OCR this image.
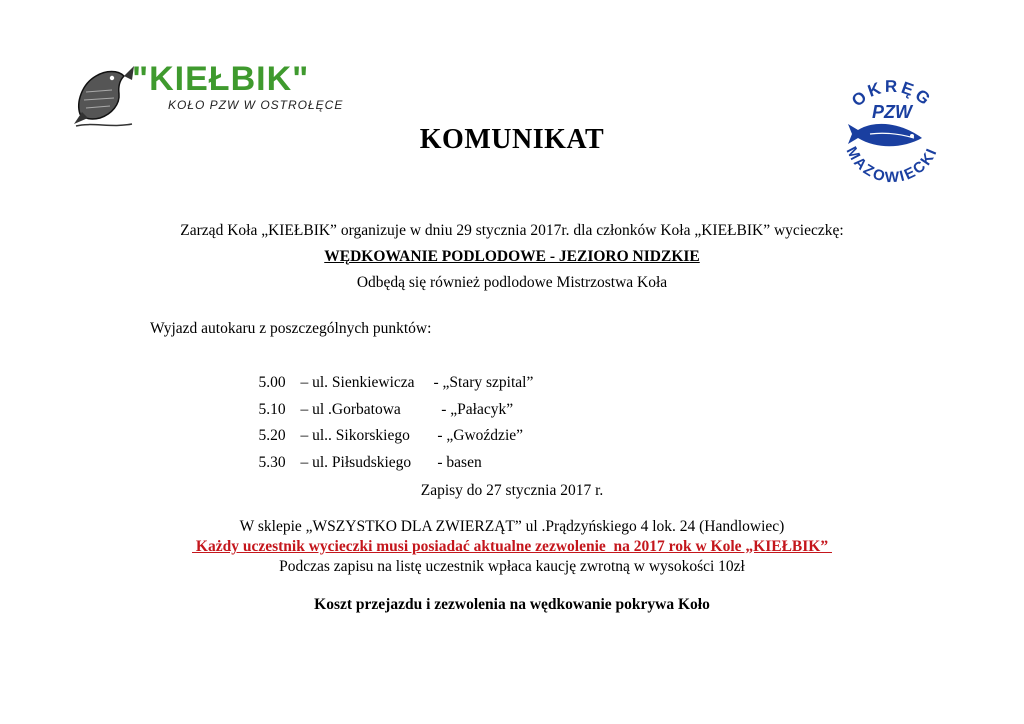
"KIEŁBIK"
KOŁO PZW W OSTROŁĘCE	OKRĘG
MAZOWIECKI
PZW
KOMUNIKAT
Zarząd Koła „KIEŁBIK” organizuje w dniu 29 stycznia 2017r. dla członków Koła „KIEŁBIK” wycieczkę:
WĘDKOWANIE PODLODOWE - JEZIORO NIDZKIE
Odbędą się również podlodowe Mistrzostwa Koła
Wyjazd autokaru z poszczególnych punktów:

5.00 – ul. Sienkiewicza - „Stary szpital”

5.10 – ul .Gorbatowa  - „Pałacyk”

5.20 – ul.. Sikorskiego - „Gwoździe”

5.30 – ul. Piłsudskiego - basen

Zapisy do 27 stycznia 2017 r.
W sklepie „WSZYSTKO DLA ZWIERZĄT” ul .Prądzyńskiego 4 lok. 24 (Handlowiec)
Każdy uczestnik wycieczki musi posiadać aktualne zezwolenie  na 2017 rok w Kole „KIEŁBIK”
Podczas zapisu na listę uczestnik wpłaca kaucję zwrotną w wysokości 10zł
Koszt przejazdu i zezwolenia na wędkowanie pokrywa Koło
